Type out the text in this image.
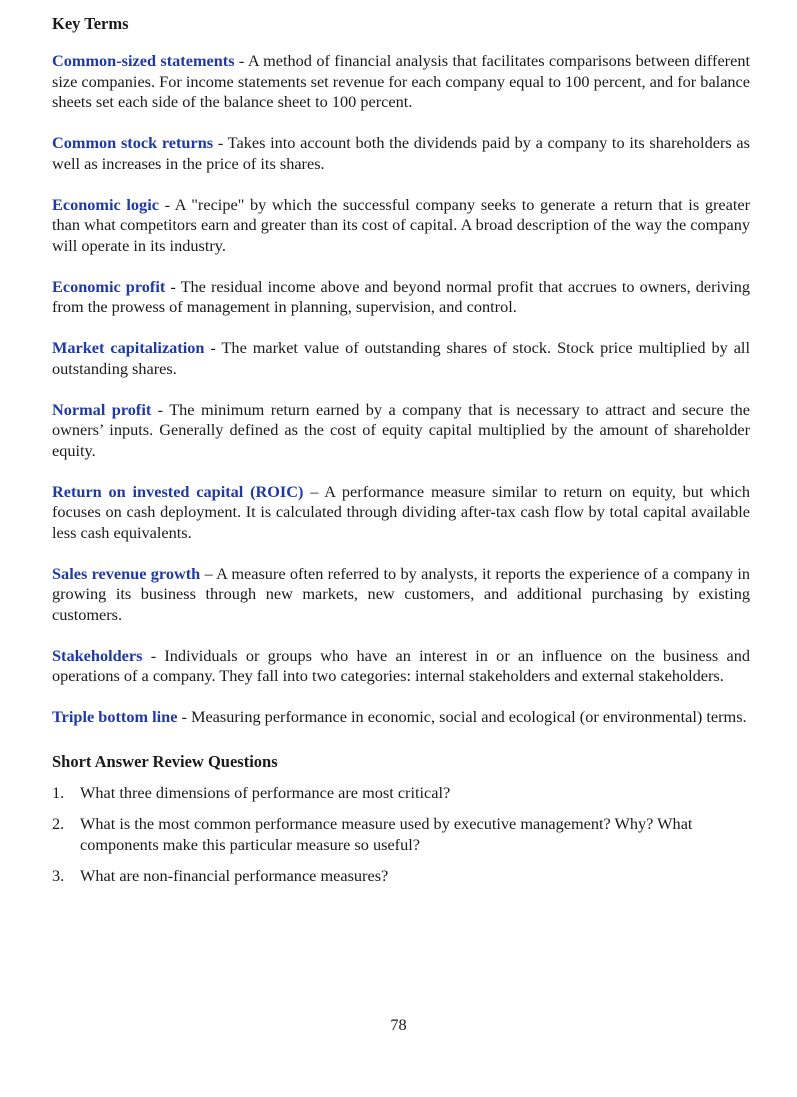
Key Terms

Common-sized statements - A method of financial analysis that facilitates comparisons between different size companies. For income statements set revenue for each company equal to 100 percent, and for balance sheets set each side of the balance sheet to 100 percent.

Common stock returns - Takes into account both the dividends paid by a company to its shareholders as well as increases in the price of its shares.

Economic logic - A "recipe" by which the successful company seeks to generate a return that is greater than what competitors earn and greater than its cost of capital. A broad description of the way the company will operate in its industry.

Economic profit - The residual income above and beyond normal profit that accrues to owners, deriving from the prowess of management in planning, supervision, and control.

Market capitalization - The market value of outstanding shares of stock. Stock price multiplied by all outstanding shares.

Normal profit - The minimum return earned by a company that is necessary to attract and secure the owners’ inputs. Generally defined as the cost of equity capital multiplied by the amount of shareholder equity.

Return on invested capital (ROIC) – A performance measure similar to return on equity, but which focuses on cash deployment. It is calculated through dividing after-tax cash flow by total capital available less cash equivalents.

Sales revenue growth – A measure often referred to by analysts, it reports the experience of a company in growing its business through new markets, new customers, and additional purchasing by existing customers.

Stakeholders - Individuals or groups who have an interest in or an influence on the business and operations of a company. They fall into two categories: internal stakeholders and external stakeholders.

Triple bottom line - Measuring performance in economic, social and ecological (or environmental) terms.

Short Answer Review Questions
1. What three dimensions of performance are most critical?
2. What is the most common performance measure used by executive management? Why? What components make this particular measure so useful?
3. What are non-financial performance measures?
78
